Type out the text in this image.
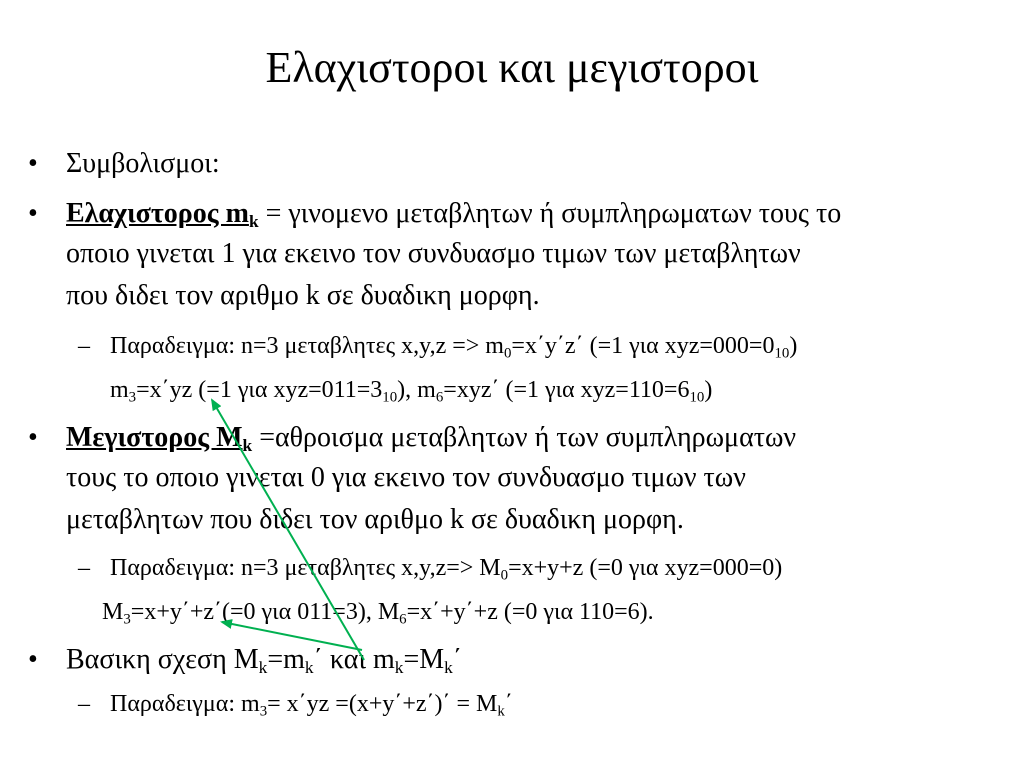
Ελαχιστοροι και μεγιστοροι
• Συμβολισμοι:
• Ελαχιστορος $m_k = \gamma\iota\nu o\mu\varepsilon\nu o$ μεταβλητων ή συμπληρωματων τους το
οποιο γινεται 1 για εκεινο τον συνδυασμο τιμων των μεταβλητων
που διδει τον αριθμο k σε δυαδικη μορφη.
– Παραδειγμα: n=3 μεταβλητες $x,y,z => m_0=x΄y΄z΄$ (=1 για $xyz=000=0_{10}$)
$m_3=x΄yz$ (=1 για $xyz=011=3_{10}$), $m_6=xyz΄$ (=1 για $xyz=110=6_{10}$)
• Μεγιστορος $M_k =\alpha\theta\rho o\iota\sigma\mu\alpha$ μεταβλητων ή των συμπληρωματων
τους το οποιο γινεται 0 για εκεινο τον συνδυασμο τιμων των
μεταβλητων που διδει τον αριθμο k σε δυαδικη μορφη.
– Παραδειγμα: n=3 μεταβλητες $x,y,z=> M_0=x+y+z$ (=0 για xyz=000=0)
$M_3=x+y΄+z΄(=0$ για 011=3), $M_6=x΄+y΄+z$ (=0 για 110=6).
• Βασικη σχεση $M_k=m_k΄$ και $m_k=M_k΄$
– Παραδειγμα: $m_3= x΄yz =(x+y΄+z΄)΄ = M_k΄$
